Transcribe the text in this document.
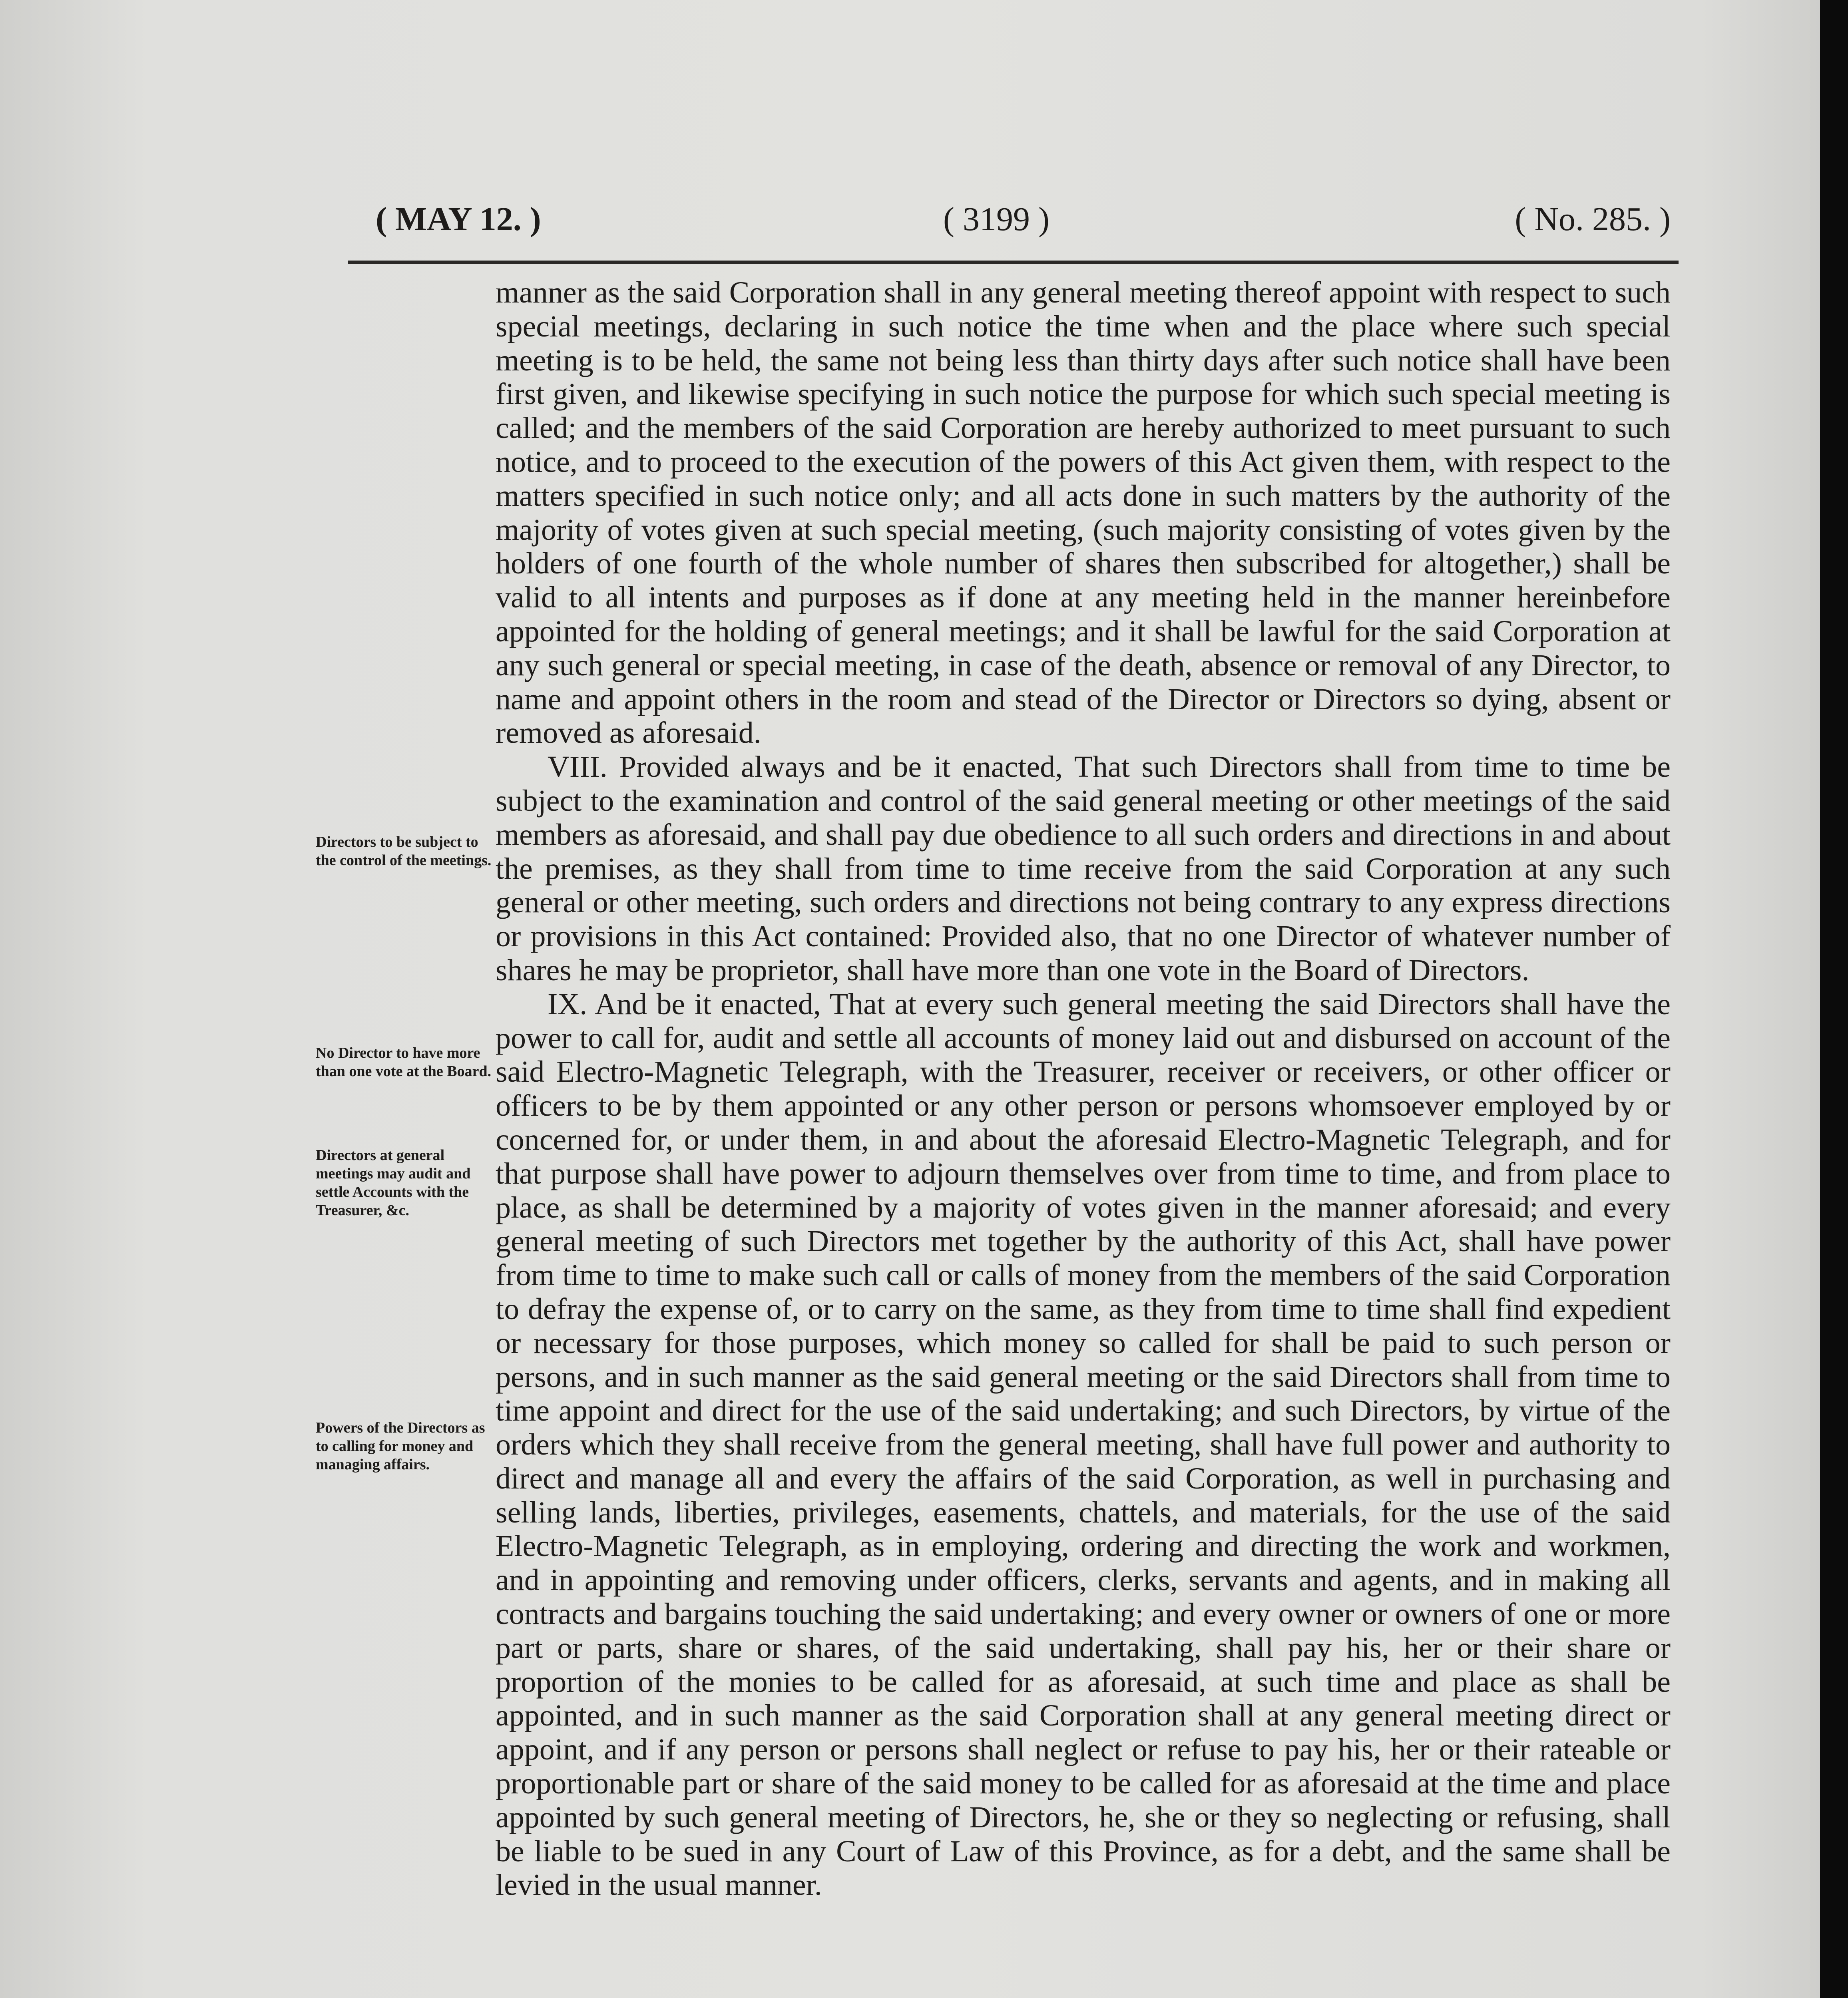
( MAY 12. )	( 3199 )	( No. 285. )
Directors to be subject to the control of the meetings.
No Director to have more than one vote at the Board.
Directors at general meetings may audit and settle Accounts with the Treasurer, &c.
Powers of the Directors as to calling for money and managing affairs.

manner as the said Corporation shall in any general meeting thereof appoint with respect to such special meetings, declaring in such notice the time when and the place where such special meeting is to be held, the same not being less than thirty days after such notice shall have been first given, and likewise specifying in such notice the purpose for which such special meeting is called; and the members of the said Corporation are hereby authorized to meet pursuant to such notice, and to proceed to the execution of the powers of this Act given them, with respect to the matters specified in such notice only; and all acts done in such matters by the authority of the majority of votes given at such special meeting, (such majority consisting of votes given by the holders of one fourth of the whole number of shares then subscribed for altogether,) shall be valid to all intents and purposes as if done at any meeting held in the manner hereinbefore appointed for the holding of general meetings; and it shall be lawful for the said Corporation at any such general or special meeting, in case of the death, absence or removal of any Director, to name and appoint others in the room and stead of the Director or Directors so dying, absent or removed as aforesaid.

VIII. Provided always and be it enacted, That such Directors shall from time to time be subject to the examination and control of the said general meeting or other meetings of the said members as aforesaid, and shall pay due obedience to all such orders and directions in and about the premises, as they shall from time to time receive from the said Corporation at any such general or other meeting, such orders and directions not being contrary to any express directions or provisions in this Act contained: Provided also, that no one Director of whatever number of shares he may be proprietor, shall have more than one vote in the Board of Directors.

IX. And be it enacted, That at every such general meeting the said Directors shall have the power to call for, audit and settle all accounts of money laid out and disbursed on account of the said Electro-Magnetic Telegraph, with the Treasurer, receiver or receivers, or other officer or officers to be by them appointed or any other person or persons whomsoever employed by or concerned for, or under them, in and about the aforesaid Electro-Magnetic Telegraph, and for that purpose shall have power to adjourn themselves over from time to time, and from place to place, as shall be determined by a majority of votes given in the manner aforesaid; and every general meeting of such Directors met together by the authority of this Act, shall have power from time to time to make such call or calls of money from the members of the said Corporation to defray the expense of, or to carry on the same, as they from time to time shall find expedient or necessary for those purposes, which money so called for shall be paid to such person or persons, and in such manner as the said general meeting or the said Directors shall from time to time appoint and direct for the use of the said undertaking; and such Directors, by virtue of the orders which they shall receive from the general meeting, shall have full power and authority to direct and manage all and every the affairs of the said Corporation, as well in purchasing and selling lands, liberties, privileges, easements, chattels, and materials, for the use of the said Electro-Magnetic Telegraph, as in employing, ordering and directing the work and workmen, and in appointing and removing under officers, clerks, servants and agents, and in making all contracts and bargains touching the said undertaking; and every owner or owners of one or more part or parts, share or shares, of the said undertaking, shall pay his, her or their share or proportion of the monies to be called for as aforesaid, at such time and place as shall be appointed, and in such manner as the said Corporation shall at any general meeting direct or appoint, and if any person or persons shall neglect or refuse to pay his, her or their rateable or proportionable part or share of the said money to be called for as aforesaid at the time and place appointed by such general meeting of Directors, he, she or they so neglecting or refusing, shall be liable to be sued in any Court of Law of this Province, as for a debt, and the same shall be levied in the usual manner.
